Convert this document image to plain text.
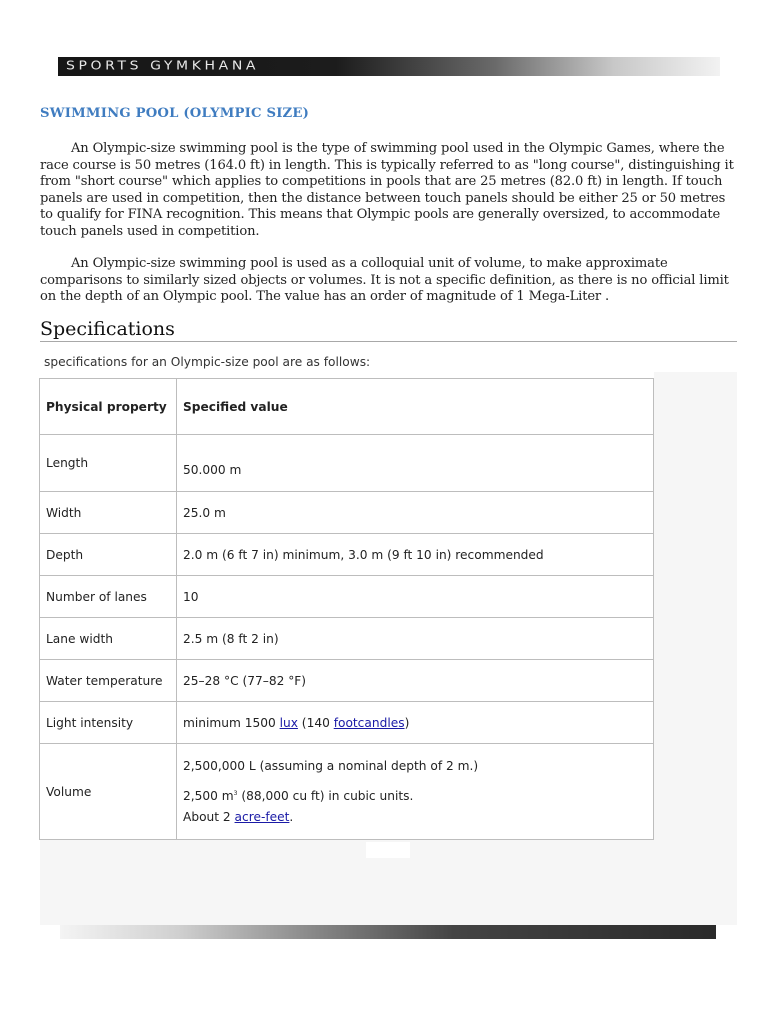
SPORTS GYMKHANA
SWIMMING POOL (OLYMPIC SIZE)

An Olympic-size swimming pool is the type of swimming pool used in the Olympic Games, where the race course is 50 metres (164.0 ft) in length. This is typically referred to as "long course", distinguishing it from "short course" which applies to competitions in pools that are 25 metres (82.0 ft) in length. If touch panels are used in competition, then the distance between touch panels should be either 25 or 50 metres to qualify for FINA recognition. This means that Olympic pools are generally oversized, to accommodate touch panels used in competition.

An Olympic-size swimming pool is used as a colloquial unit of volume, to make approximate comparisons to similarly sized objects or volumes. It is not a specific definition, as there is no official limit on the depth of an Olympic pool. The value has an order of magnitude of 1 Mega-Liter .

Specifications

specifications for an Olympic-size pool are as follows:

Physical property	Specified value
Length	50.000 m
Width	25.0 m
Depth	2.0 m (6 ft 7 in) minimum, 3.0 m (9 ft 10 in) recommended
Number of lanes	10
Lane width	2.5 m (8 ft 2 in)
Water temperature	25–28 °C (77–82 °F)
Light intensity	minimum 1500 lux (140 footcandles)
Volume	2,500,000 L (assuming a nominal depth of 2 m.)
2,500 $m^3$ (88,000 cu ft) in cubic units.
About 2 acre-feet.
